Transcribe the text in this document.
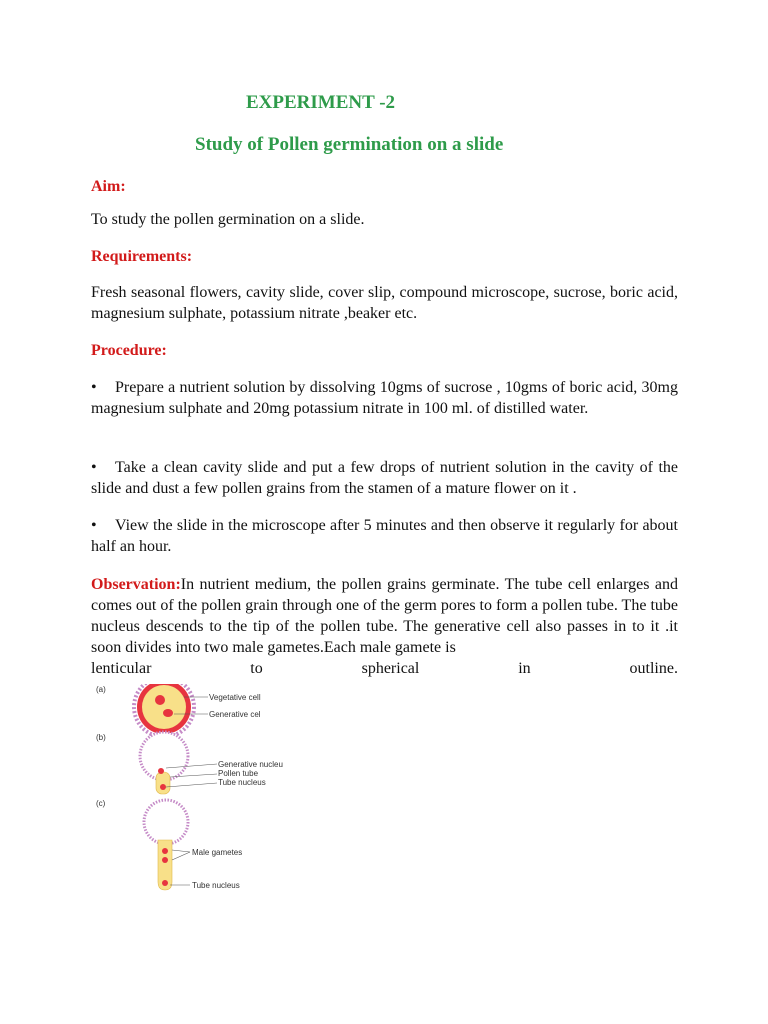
EXPERIMENT -2
Study of Pollen germination on a slide
Aim:
To study the pollen germination on a slide.
Requirements:
Fresh seasonal flowers, cavity slide, cover slip, compound microscope, sucrose, boric acid, magnesium sulphate, potassium nitrate ,beaker etc.
Procedure:
• Prepare a nutrient solution by dissolving 10gms of sucrose , 10gms of boric acid, 30mg magnesium sulphate and 20mg potassium nitrate in 100 ml. of distilled water.
• Take a clean cavity slide and put a few drops of nutrient solution in the cavity of the slide and dust a few pollen grains from the stamen of a mature flower on it .
• View the slide in the microscope after 5 minutes and then observe it regularly for about half an hour.
Observation:In nutrient medium, the pollen grains germinate. The tube cell enlarges and comes out of the pollen grain through one of the germ pores to form a pollen tube. The tube nucleus descends to the tip of the pollen tube. The generative cell also passes in to it .it soon divides into two male gametes.Each male gamete is
lenticular	to	spherical	in	outline.
(a)
Vegetative cell
Generative cel
(b)
Generative nucleu
Pollen tube
Tube nucleus
(c)
Male gametes
Tube nucleus
